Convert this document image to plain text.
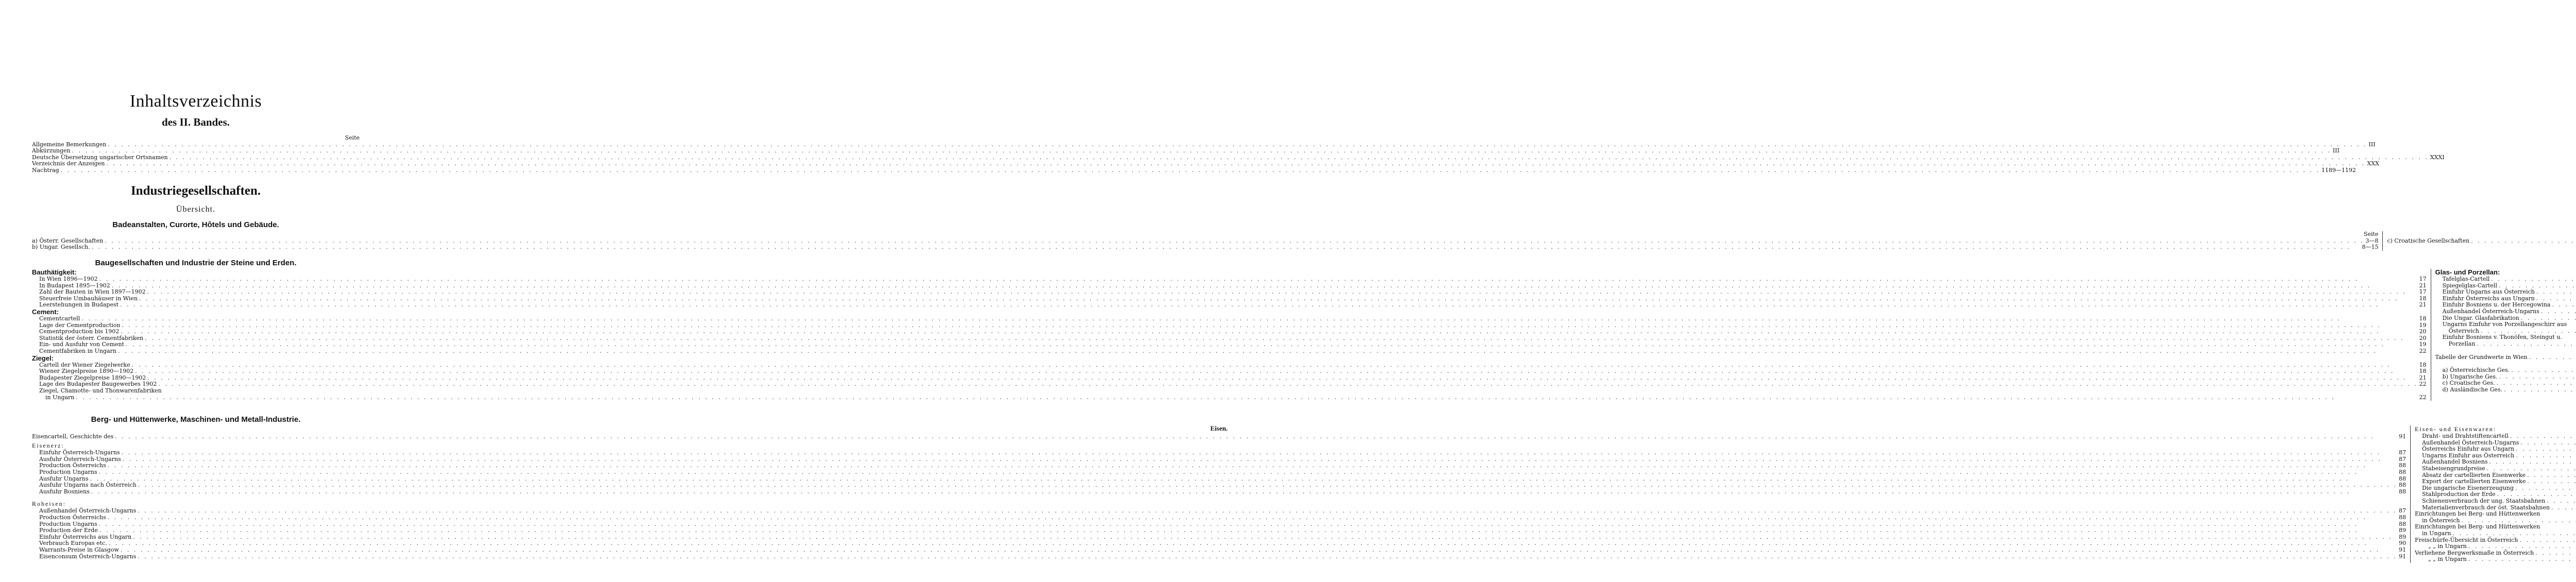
Inhaltsverzeichnis
des II. Bandes.
Seite
Allgemeine Bemerkungen . . .	III
Abkürzungen . . .	III
Deutsche Übersetzung ungarischer Ortsnamen . . .	XXXI
Verzeichnis der Anzeigen . . .	XXX
Nachtrag . . .	1189—1192
Industriegesellschaften.
Übersicht.
Badeanstalten, Curorte, Hôtels und Gebäude.
Seite
a) Österr. Gesellschaften . . .	3—8
b) Ungar. Gesellsch. . . .	8—15
c) Croatische Gesellschaften
. . .
Baugesellschaften und Industrie der Steine und Erden.
Bauthätigkeit:
In Wien 1896—1902 . . .	17
In Budapest 1895—1902 . . .	21
Zahl der Bauten in Wien 1897—1902 . . .	17
Steuerfreie Umbauhäuser in Wien . . .	18
Leerstehungen in Budapest . . .	21
Cement:
Cementcartell . . .	18
Lage der Cementproduction . . .	19
Cementproduction bis 1902 . . .	20
Statistik der österr. Cementfabriken . . .	20
Ein- und Ausfuhr von Cement . . .	19
Cementfabriken in Ungarn . . .	22
Ziegel:
Cartell der Wiener Ziegelwerke . . .	18
Wiener Ziegelpreise 1890—1902 . . .	18
Budapester Ziegelpreise 1890—1902 . . .	21
Lage des Budapester Baugewerbes 1902 . . .	22
Ziegel, Chamotte- und Thonwarenfabriken
in Ungarn . . .	22
Glas- und Porzellan:
Tafelglas-Cartell
. . .
Spiegelglas-Cartell
. . .
Einfuhr Ungarns aus Österreich
. . .
Einfuhr Österreichs aus Ungarn
. . .
Einfuhr Bosniens u. der Hercegowina
. . .
Außenhandel Österreich-Ungarns
. . .
Die Ungar. Glasfabrikation
. . .
Ungarns Einfuhr von Porzellangeschirr aus
Österreich
. . .
Einfuhr Bosniens v. Thonöfen, Steingut u.
Porzellan
. . .
Tabelle der Grundwerte in Wien
. . .
a) Österreichische Ges.
. . .
b) Ungarische Ges.
. . .
c) Croatische Ges.
. . .
d) Ausländische Ges.
. . .
Berg- und Hüttenwerke, Maschinen- und Metall-Industrie.
Eisen.
Eisencartell, Geschichte des . . .	91
Eisenerz:
Einfuhr Österreich-Ungarns . . .	87
Ausfuhr Österreich-Ungarns . . .	87
Production Österreichs . . .	88
Production Ungarns . . .	88
Ausfuhr Ungarns . . .	88
Ausfuhr Ungarns nach Österreich . . .	88
Ausfuhr Bosniens . . .	88
Roheisen:
Außenhandel Österreich-Ungarns . . .	87
Production Österreichs . . .	88
Production Ungarns . . .	88
Production der Erde . . .	89
Einfuhr Österreichs aus Ungarn . . .	89
Verbrauch Europas etc. . . .	90
Warrants-Preise in Glasgow . . .	91
Eisenconsum Österreich-Ungarns . . .	91
Eisen- und Eisenwaren:
Draht- und Drahtstiftencartell
. . .
Außenhandel Österreich-Ungarns
. . .
Österreichs Einfuhr aus Ungarn
. . .
Ungarns Einfuhr aus Österreich
. . .
Außenhandel Bosniens
. . .
Stabeisengrundpreise
. . .
Absatz der cartellierten Eisenwerke
. . .
Export der cartellierten Eisenwerke
. . .
Die ungarische Eisenerzeugung
. . .
Stahlproduction der Erde
. . .
Schienenverbrauch der ung. Staatsbahnen
. . .
Materialienverbrauch der öst. Staatsbahnen
. . .
Einrichtungen bei Berg- und Hüttenwerken
in Österreich
. . .
Einrichtungen bei Berg- und Hüttenwerken
in Ungarn
. . .
Freischürfe-Übersicht in Österreich
. . .
„ „ in Ungarn
. . .
Verliehene Bergwerksmaße in Österreich
. . .
„ „ in Ungarn
. . .
